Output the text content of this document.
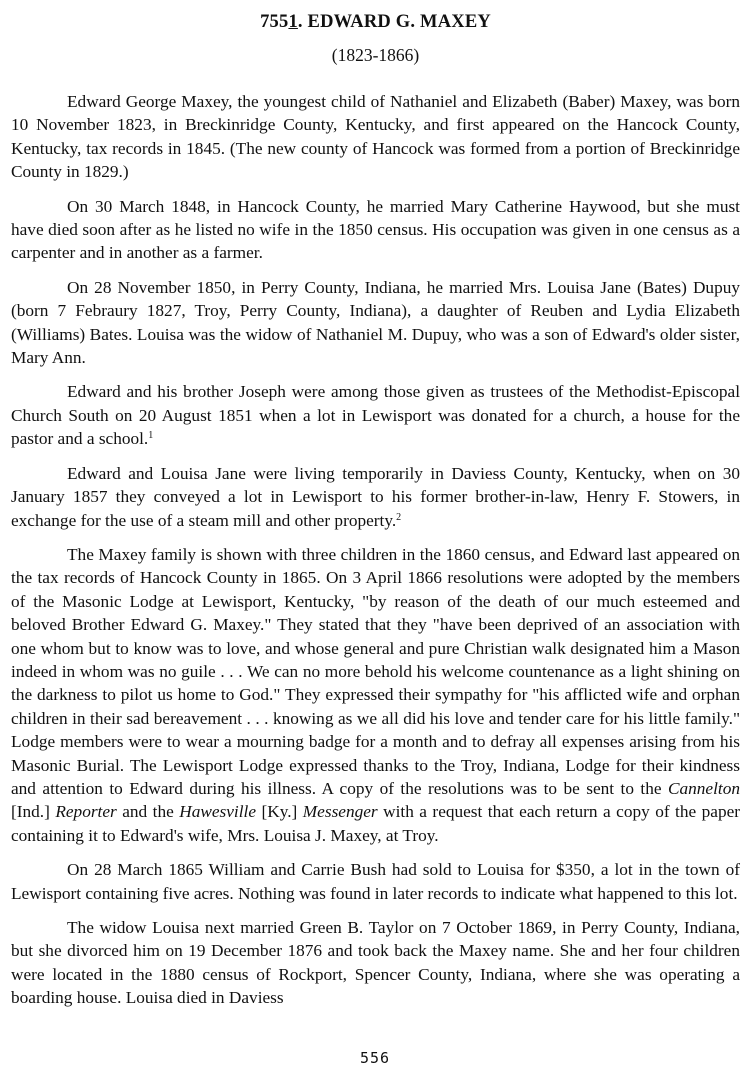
7551. EDWARD G. MAXEY

(1823-1866)

Edward George Maxey, the youngest child of Nathaniel and Elizabeth (Baber) Maxey, was born 10 November 1823, in Breckinridge County, Kentucky, and first appeared on the Hancock County, Kentucky, tax records in 1845. (The new county of Hancock was formed from a portion of Breckinridge County in 1829.)

On 30 March 1848, in Hancock County, he married Mary Catherine Haywood, but she must have died soon after as he listed no wife in the 1850 census. His occupation was given in one census as a carpenter and in another as a farmer.

On 28 November 1850, in Perry County, Indiana, he married Mrs. Louisa Jane (Bates) Dupuy (born 7 Febraury 1827, Troy, Perry County, Indiana), a daughter of Reuben and Lydia Elizabeth (Williams) Bates. Louisa was the widow of Nathaniel M. Dupuy, who was a son of Edward's older sister, Mary Ann.

Edward and his brother Joseph were among those given as trustees of the Methodist-Episcopal Church South on 20 August 1851 when a lot in Lewisport was donated for a church, a house for the pastor and a school.$^1$

Edward and Louisa Jane were living temporarily in Daviess County, Kentucky, when on 30 January 1857 they conveyed a lot in Lewisport to his former brother-in-law, Henry F. Stowers, in exchange for the use of a steam mill and other property.$^2$

The Maxey family is shown with three children in the 1860 census, and Edward last appeared on the tax records of Hancock County in 1865. On 3 April 1866 resolutions were adopted by the members of the Masonic Lodge at Lewisport, Kentucky, "by reason of the death of our much esteemed and beloved Brother Edward G. Maxey." They stated that they "have been deprived of an association with one whom but to know was to love, and whose general and pure Christian walk designated him a Mason indeed in whom was no guile . . . We can no more behold his welcome countenance as a light shining on the darkness to pilot us home to God." They expressed their sympathy for "his afflicted wife and orphan children in their sad bereavement . . . knowing as we all did his love and tender care for his little family." Lodge members were to wear a mourning badge for a month and to defray all expenses arising from his Masonic Burial. The Lewisport Lodge expressed thanks to the Troy, Indiana, Lodge for their kindness and attention to Edward during his illness. A copy of the resolutions was to be sent to the Cannelton [Ind.] Reporter and the Hawesville [Ky.] Messenger with a request that each return a copy of the paper containing it to Edward's wife, Mrs. Louisa J. Maxey, at Troy.

On 28 March 1865 William and Carrie Bush had sold to Louisa for $350, a lot in the town of Lewisport containing five acres. Nothing was found in later records to indicate what happened to this lot.

The widow Louisa next married Green B. Taylor on 7 October 1869, in Perry County, Indiana, but she divorced him on 19 December 1876 and took back the Maxey name. She and her four children were located in the 1880 census of Rockport, Spencer County, Indiana, where she was operating a boarding house. Louisa died in Daviess

556
